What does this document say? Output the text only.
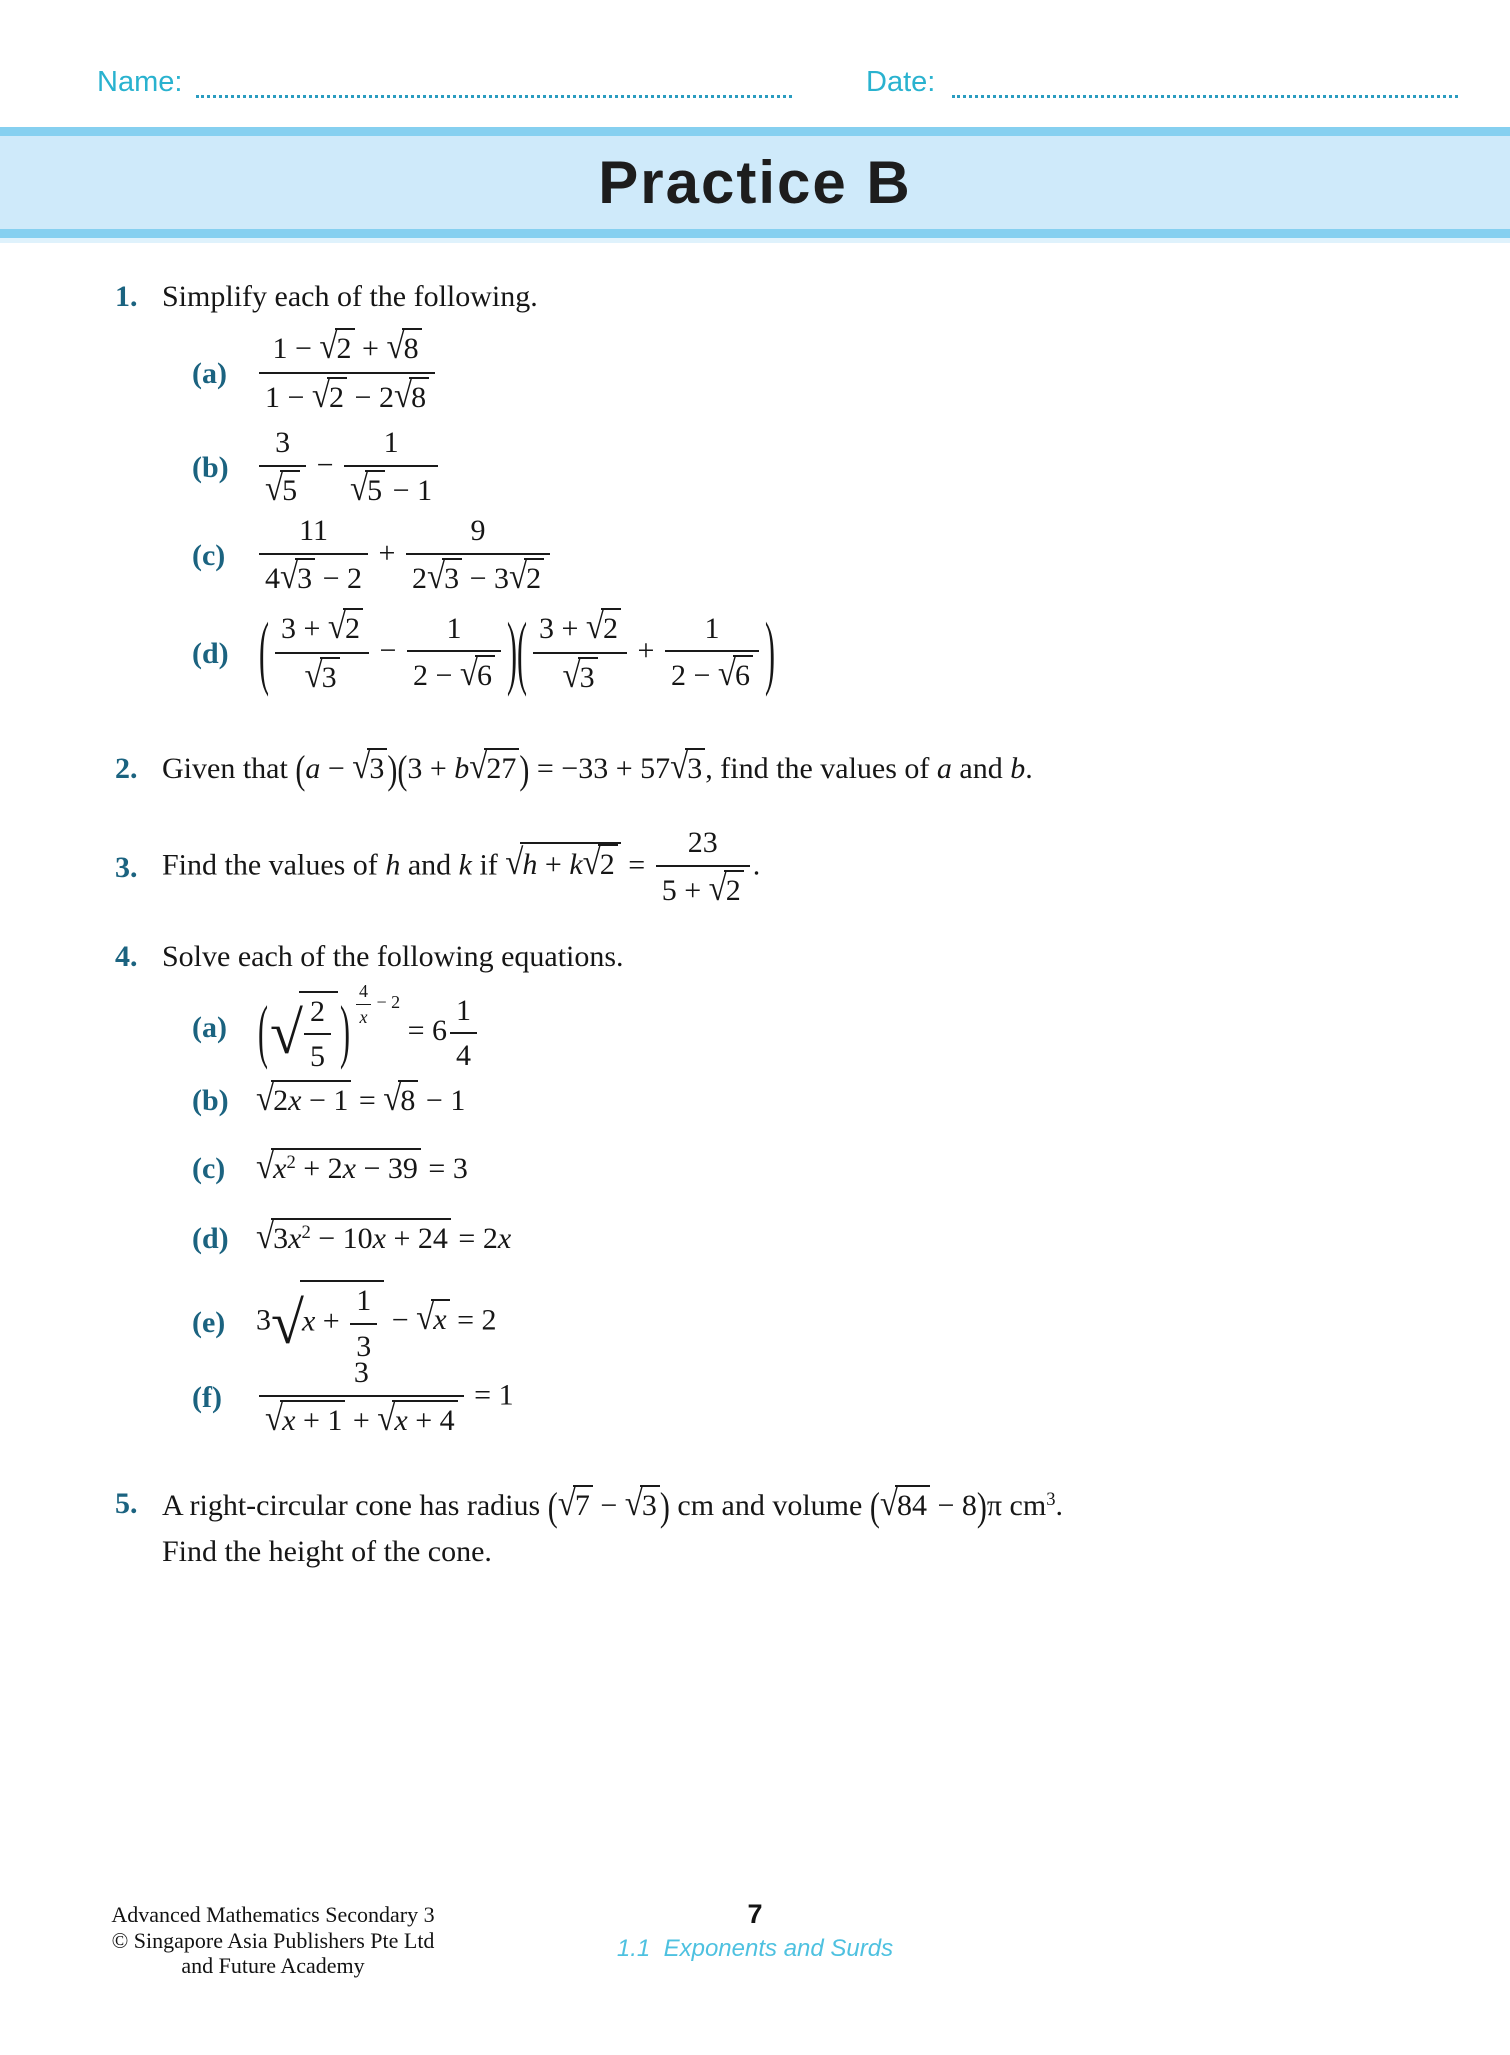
Name:	Date:
Practice B
1. Simplify each of the following.
(a)	$\frac{1 - √2 + √8}{1 - √2 - 2√8}$
(b)	$\frac{3}{√5} - \frac{1}{√5 - 1}$
(c)	$\frac{11}{4√3 - 2} + \frac{9}{2√3 - 3√2}$
(d)	( $\frac{3 + √2}{√3} - \frac{1}{2 - √6}$ )( $\frac{3 + √2}{√3} + \frac{1}{2 - √6}$ )
2. Given that (a − √3 )(3 + b√27 ) = −33 + 57√3 , find the values of a and b.
3. Find the values of h and k if $√h + k√2 = \frac{23}{5 + √2}$ .
4. Solve each of the following equations.
(a)	( √ $\frac{2}{5}$ ) $\frac{4}{x} - 2 = 6 \frac{1}{4}$
(b) √2x − 1 = √8 − 1
(c) $√x^2 + 2x - 39 = 3$
(d) $√3x^2 - 10x + 24 = 2x$
(e)	3 √
$x + \frac{1}{3} - √x = 2$
(f)	$\frac{3}{√x + 1 + √x + 4} = 1$
5. A right-circular cone has radius (√7 − √3 ) cm and volume (√84 − 8)π $cm^3$.
Find the height of the cone.
Advanced Mathematics Secondary 3
© Singapore Asia Publishers Pte Ltd
and Future Academy
7
1.1  Exponents and Surds
